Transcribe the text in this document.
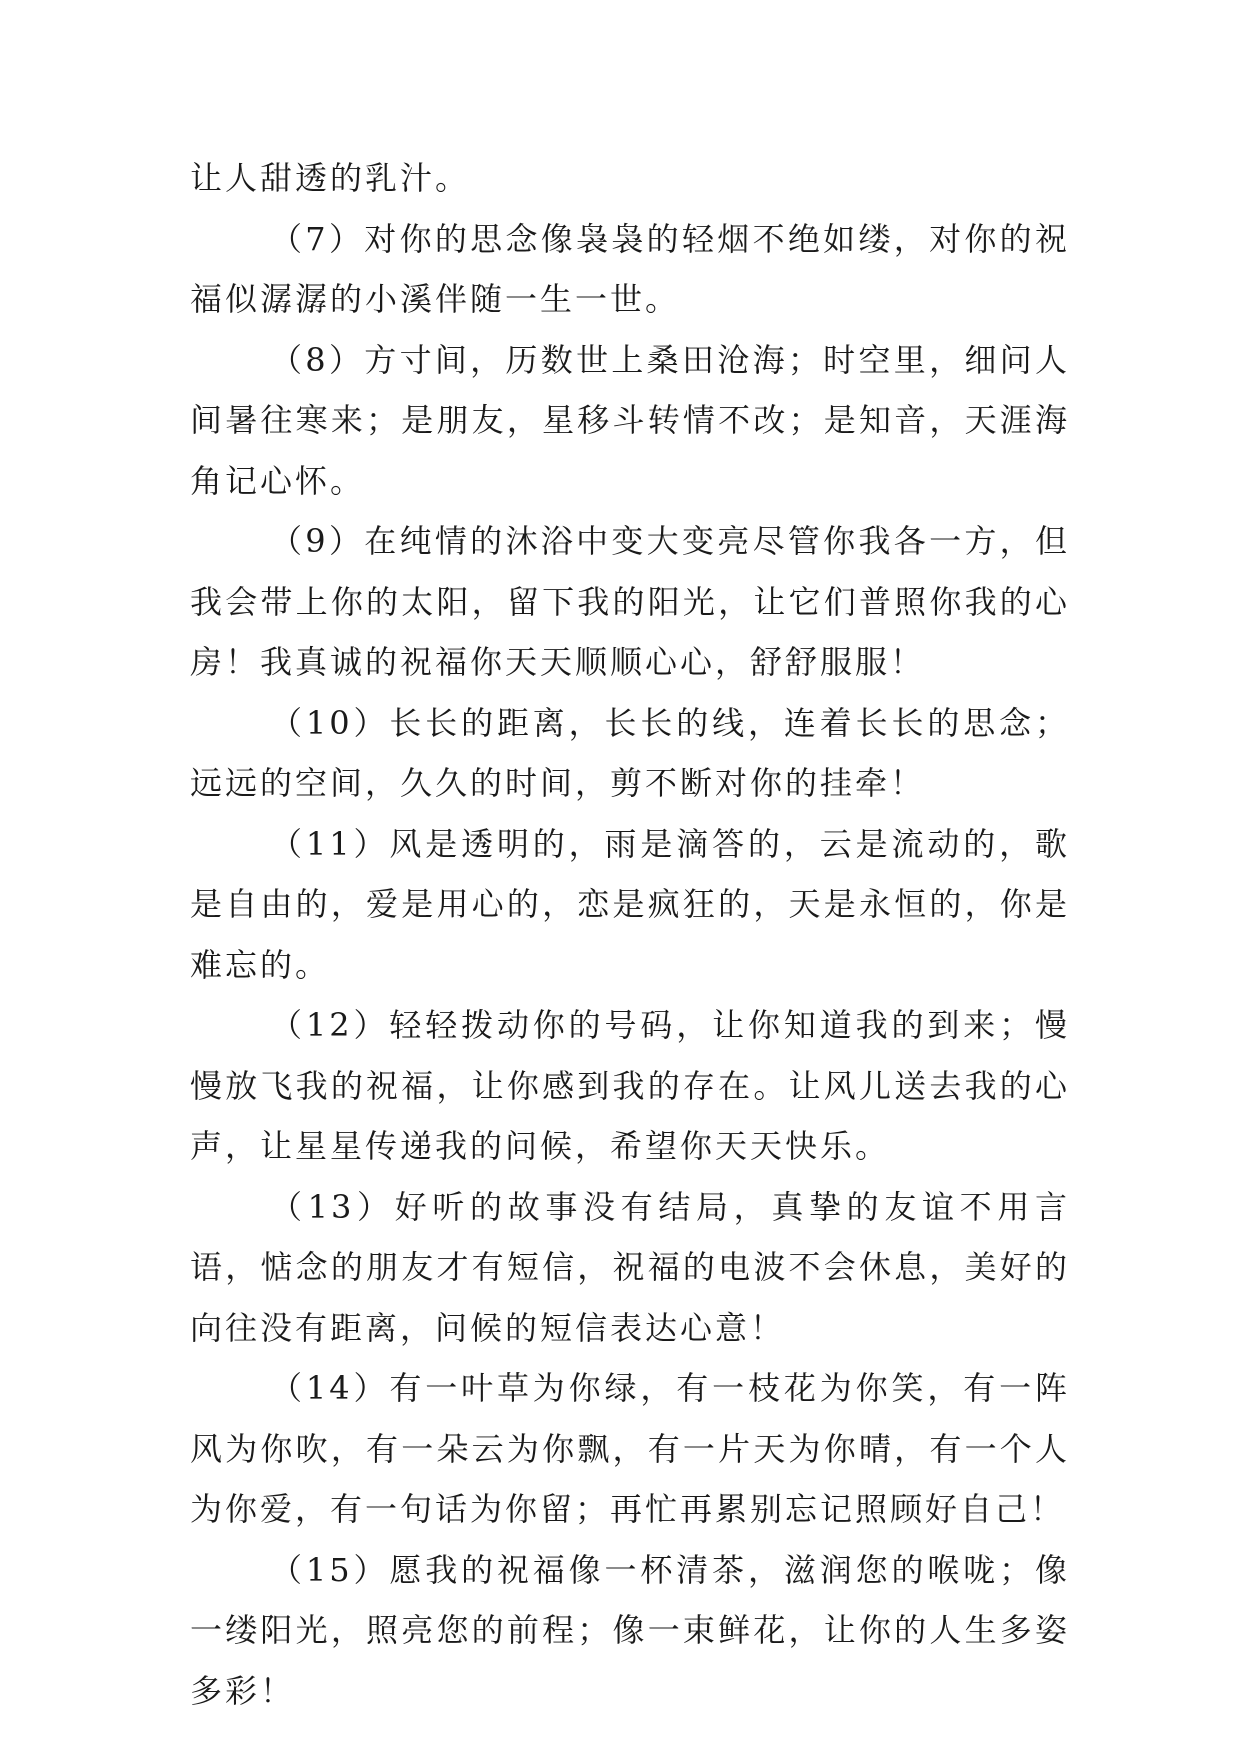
让人甜透的乳汁。

（7）对你的思念像袅袅的轻烟不绝如缕，对你的祝福似潺潺的小溪伴随一生一世。

（8）方寸间，历数世上桑田沧海；时空里，细问人间暑往寒来；是朋友，星移斗转情不改；是知音，天涯海角记心怀。

（9）在纯情的沐浴中变大变亮尽管你我各一方，但我会带上你的太阳，留下我的阳光，让它们普照你我的心房！我真诚的祝福你天天顺顺心心，舒舒服服！

（10）长长的距离，长长的线，连着长长的思念；远远的空间，久久的时间，剪不断对你的挂牵！

（11）风是透明的，雨是滴答的，云是流动的，歌是自由的，爱是用心的，恋是疯狂的，天是永恒的，你是难忘的。

（12）轻轻拨动你的号码，让你知道我的到来；慢慢放飞我的祝福，让你感到我的存在。让风儿送去我的心声，让星星传递我的问候，希望你天天快乐。

（13）好听的故事没有结局，真挚的友谊不用言语，惦念的朋友才有短信，祝福的电波不会休息，美好的向往没有距离，问候的短信表达心意！

（14）有一叶草为你绿，有一枝花为你笑，有一阵风为你吹，有一朵云为你飘，有一片天为你晴，有一个人为你爱，有一句话为你留；再忙再累别忘记照顾好自己！

（15）愿我的祝福像一杯清茶，滋润您的喉咙；像一缕阳光，照亮您的前程；像一束鲜花，让你的人生多姿多彩！
